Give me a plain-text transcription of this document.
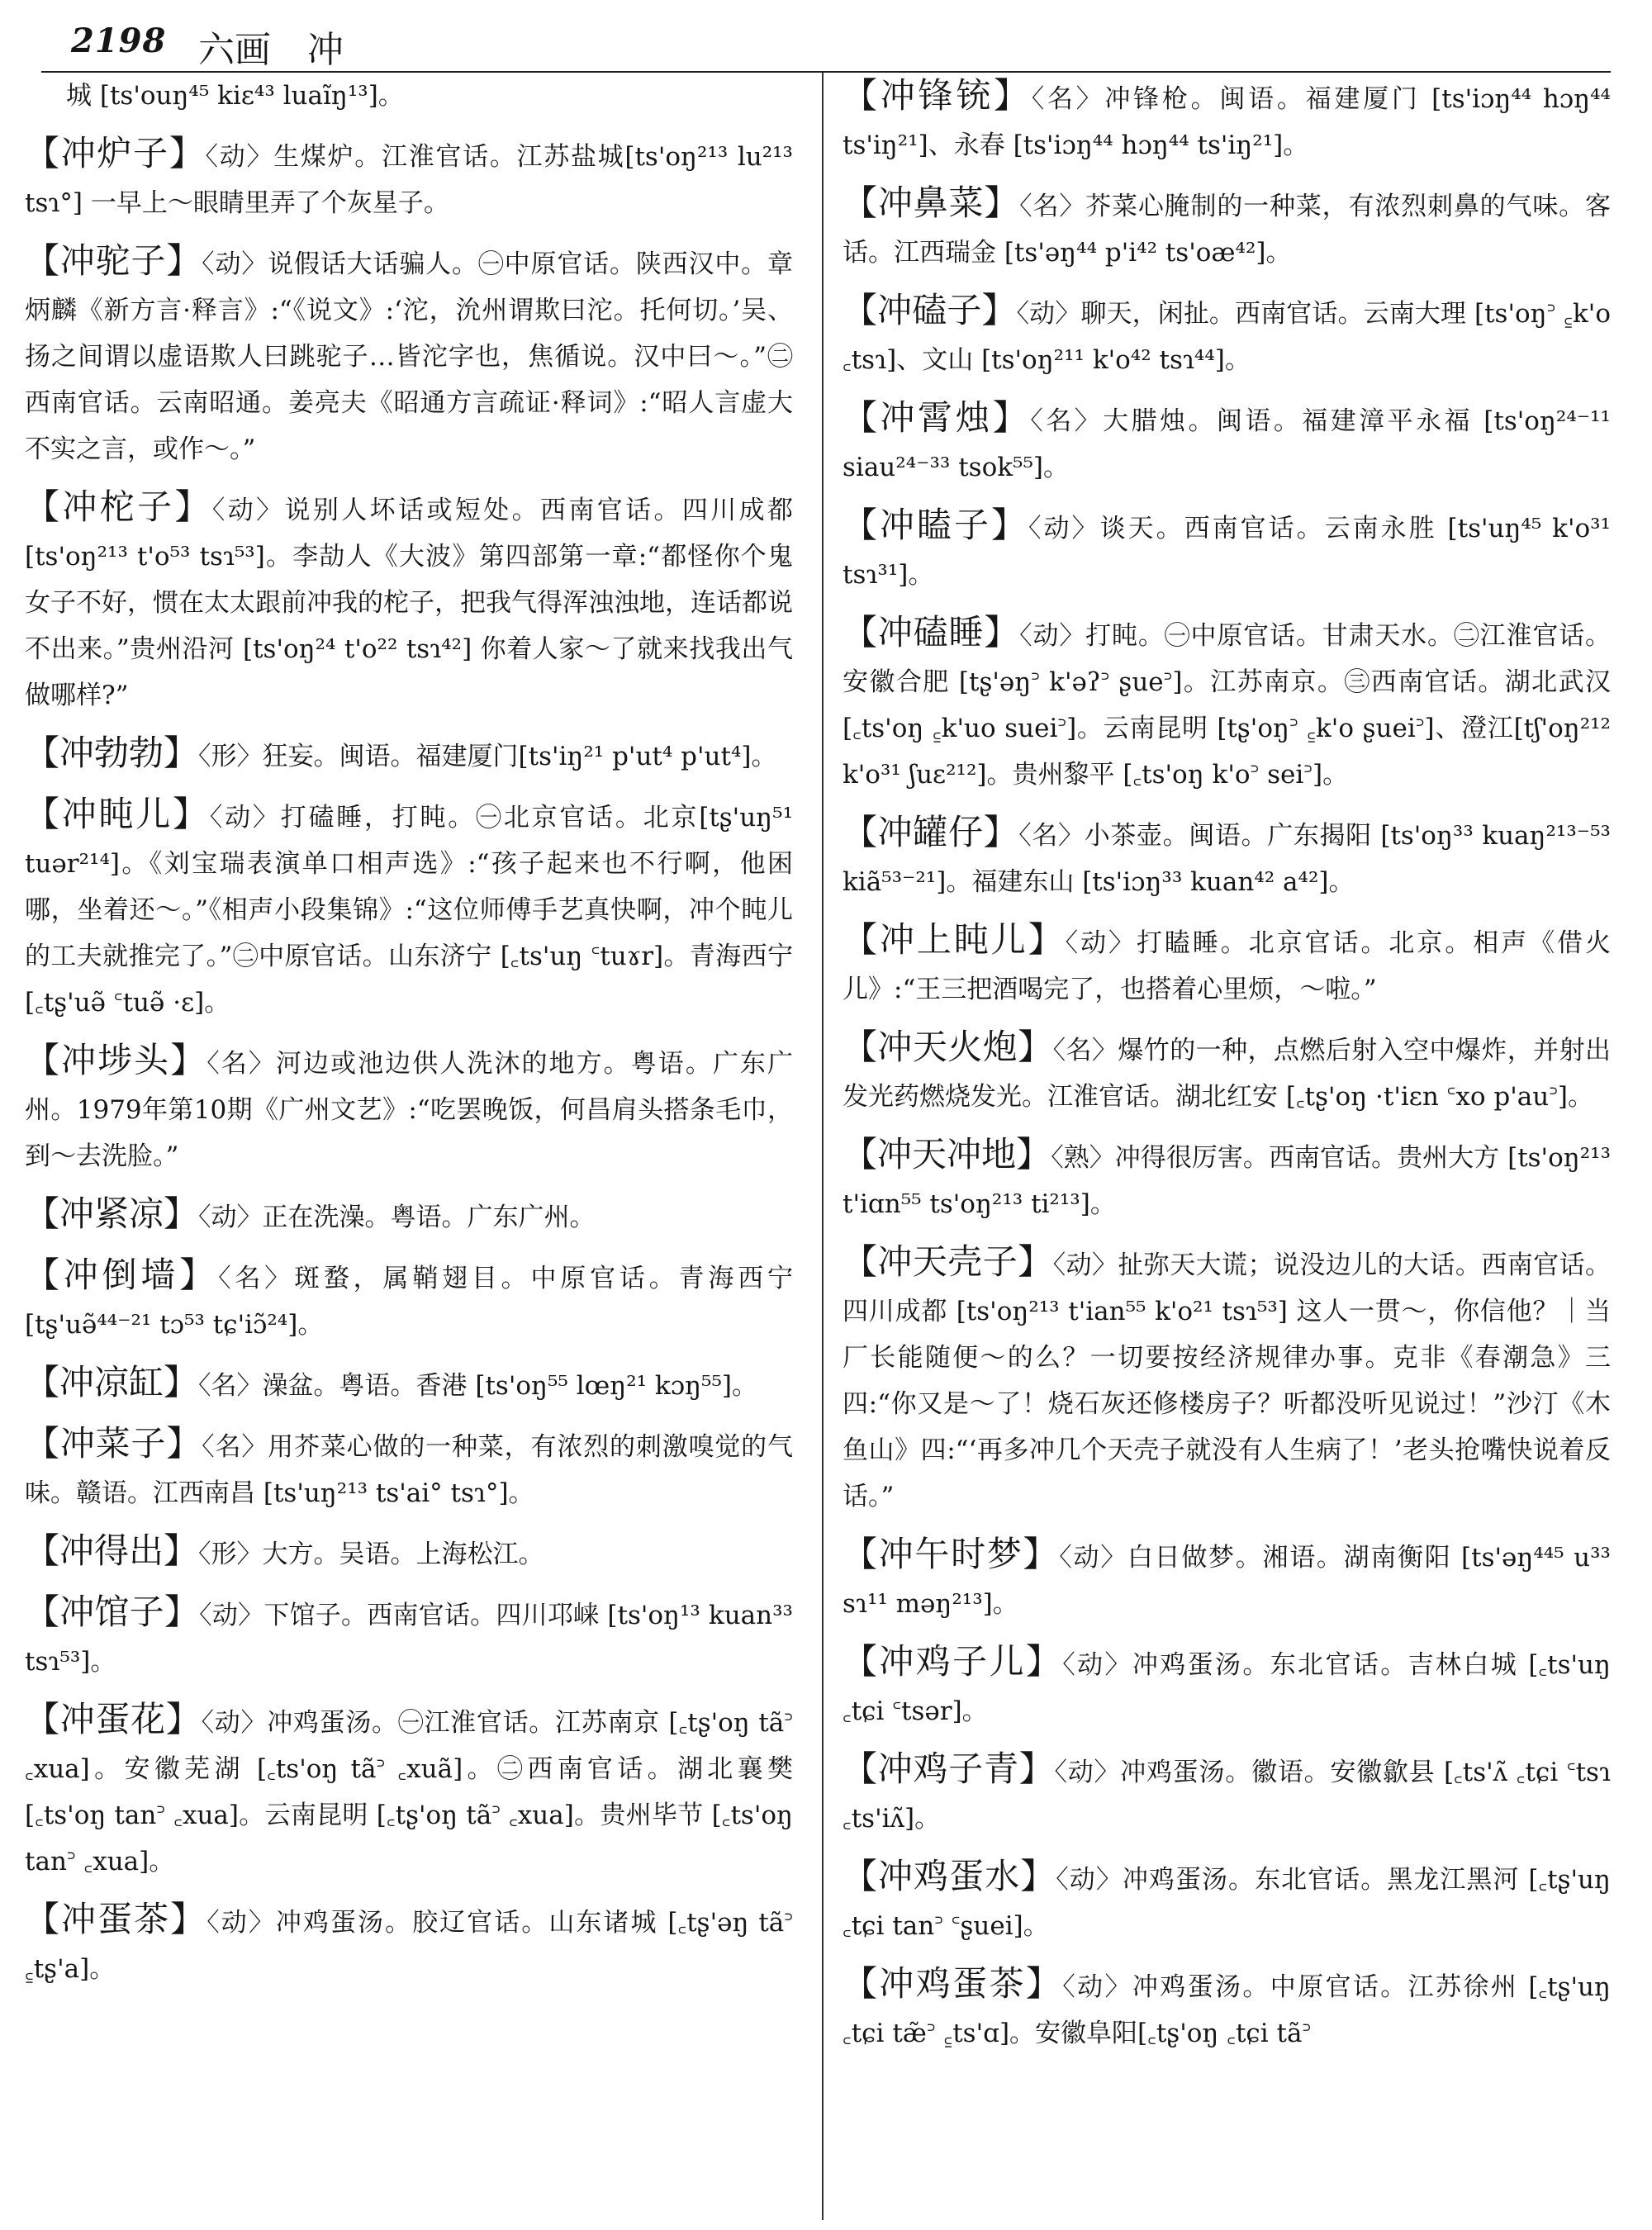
2198 六画　冲

城 [ts'ouŋ⁴⁵ kiɛ⁴³ luaĩŋ¹³]。

【冲炉子】〈动〉生煤炉。江淮官话。江苏盐城[ts'oŋ²¹³ lu²¹³ tsɿ°] 一早上～眼睛里弄了个灰星子。

【冲驼子】〈动〉说假话大话骗人。㊀中原官话。陕西汉中。章炳麟《新方言·释言》:“《说文》:‘沱，沇州谓欺曰沱。托何切。’吴、扬之间谓以虚语欺人曰跳驼子…皆沱字也，焦循说。汉中曰～。”㊁西南官话。云南昭通。姜亮夫《昭通方言疏证·释词》:“昭人言虚大不实之言，或作～。”

【冲柁子】〈动〉说别人坏话或短处。西南官话。四川成都 [ts'oŋ²¹³ t'o⁵³ tsɿ⁵³]。李劼人《大波》第四部第一章:“都怪你个鬼女子不好，惯在太太跟前冲我的柁子，把我气得浑浊浊地，连话都说不出来。”贵州沿河 [ts'oŋ²⁴ t'o²² tsɿ⁴²] 你着人家～了就来找我出气做哪样?”

【冲勃勃】〈形〉狂妄。闽语。福建厦门[ts'iŋ²¹ p'ut⁴ p'ut⁴]。

【冲盹儿】〈动〉打磕睡，打盹。㊀北京官话。北京[tʂ'uŋ⁵¹ tuər²¹⁴]。《刘宝瑞表演单口相声选》:“孩子起来也不行啊，他困哪，坐着还～。”《相声小段集锦》:“这位师傅手艺真快啊，冲个盹儿的工夫就推完了。”㊁中原官话。山东济宁 [꜀ts'uŋ ꜂tuɤr]。青海西宁[꜀tʂ'uə̃ ꜂tuə̃ ·ɛ]。

【冲埗头】〈名〉河边或池边供人洗沐的地方。粤语。广东广州。1979年第10期《广州文艺》:“吃罢晚饭，何昌肩头搭条毛巾，到～去洗脸。”

【冲紧凉】〈动〉正在洗澡。粤语。广东广州。

【冲倒墙】〈名〉斑蝥，属鞘翅目。中原官话。青海西宁 [tʂ'uə̃⁴⁴⁻²¹ tɔ⁵³ tɕ'iɔ̃²⁴]。

【冲凉缸】〈名〉澡盆。粤语。香港 [ts'oŋ⁵⁵ lœŋ²¹ kɔŋ⁵⁵]。

【冲菜子】〈名〉用芥菜心做的一种菜，有浓烈的刺激嗅觉的气味。赣语。江西南昌 [ts'uŋ²¹³ ts'ai° tsɿ°]。

【冲得出】〈形〉大方。吴语。上海松江。

【冲馆子】〈动〉下馆子。西南官话。四川邛崃 [ts'oŋ¹³ kuan³³ tsɿ⁵³]。

【冲蛋花】〈动〉冲鸡蛋汤。㊀江淮官话。江苏南京 [꜀tʂ'oŋ tã꜄ ꜀xua]。安徽芜湖 [꜀ts'oŋ tã꜄ ꜀xuã]。㊁西南官话。湖北襄樊 [꜀ts'oŋ tan꜄ ꜀xua]。云南昆明 [꜀tʂ'oŋ tã꜄ ꜀xua]。贵州毕节 [꜀ts'oŋ tan꜄ ꜀xua]。

【冲蛋茶】〈动〉冲鸡蛋汤。胶辽官话。山东诸城 [꜀tʂ'əŋ tã꜄ ꜁tʂ'a]。

【冲锋铳】〈名〉冲锋枪。闽语。福建厦门 [ts'iɔŋ⁴⁴ hɔŋ⁴⁴ ts'iŋ²¹]、永春 [ts'iɔŋ⁴⁴ hɔŋ⁴⁴ ts'iŋ²¹]。

【冲鼻菜】〈名〉芥菜心腌制的一种菜，有浓烈刺鼻的气味。客话。江西瑞金 [ts'əŋ⁴⁴ p'i⁴² ts'oæ⁴²]。

【冲磕子】〈动〉聊天，闲扯。西南官话。云南大理 [ts'oŋ꜄ ꜁k'o ꜀tsɿ]、文山 [ts'oŋ²¹¹ k'o⁴² tsɿ⁴⁴]。

【冲霄烛】〈名〉大腊烛。闽语。福建漳平永福 [ts'oŋ²⁴⁻¹¹ siau²⁴⁻³³ tsok⁵⁵]。

【冲瞌子】〈动〉谈天。西南官话。云南永胜 [ts'uŋ⁴⁵ k'o³¹ tsɿ³¹]。

【冲磕睡】〈动〉打盹。㊀中原官话。甘肃天水。㊁江淮官话。安徽合肥 [tʂ'əŋ꜄ k'əʔ꜄ ʂue꜄]。江苏南京。㊂西南官话。湖北武汉 [꜀ts'oŋ ꜁k'uo suei꜄]。云南昆明 [tʂ'oŋ꜄ ꜁k'o ʂuei꜄]、澄江[tʃ'oŋ²¹² k'o³¹ ʃuɛ²¹²]。贵州黎平 [꜀ts'oŋ k'o꜄ sei꜄]。

【冲罐仔】〈名〉小茶壶。闽语。广东揭阳 [ts'oŋ³³ kuaŋ²¹³⁻⁵³ kiã⁵³⁻²¹]。福建东山 [ts'iɔŋ³³ kuan⁴² a⁴²]。

【冲上盹儿】〈动〉打瞌睡。北京官话。北京。相声《借火儿》:“王三把酒喝完了，也搭着心里烦，～啦。”

【冲天火炮】〈名〉爆竹的一种，点燃后射入空中爆炸，并射出发光药燃烧发光。江淮官话。湖北红安 [꜀tʂ'oŋ ·t'iɛn ꜂xo p'au꜄]。

【冲天冲地】〈熟〉冲得很厉害。西南官话。贵州大方 [ts'oŋ²¹³ t'iɑn⁵⁵ ts'oŋ²¹³ ti²¹³]。

【冲天壳子】〈动〉扯弥天大谎；说没边儿的大话。西南官话。四川成都 [ts'oŋ²¹³ t'ian⁵⁵ k'o²¹ tsɿ⁵³] 这人一贯～，你信他？｜当厂长能随便～的么？一切要按经济规律办事。克非《春潮急》三四:“你又是～了！烧石灰还修楼房子？听都没听见说过！”沙汀《木鱼山》四:“‘再多冲几个天壳子就没有人生病了！’老头抢嘴快说着反话。”

【冲午时梦】〈动〉白日做梦。湘语。湖南衡阳 [ts'əŋ⁴⁴⁵ u³³ sɿ¹¹ məŋ²¹³]。

【冲鸡子儿】〈动〉冲鸡蛋汤。东北官话。吉林白城 [꜀ts'uŋ ꜀tɕi ꜂tsər]。

【冲鸡子青】〈动〉冲鸡蛋汤。徽语。安徽歙县 [꜀ts'ʌ̃ ꜀tɕi ꜂tsɿ ꜀ts'iʌ̃]。

【冲鸡蛋水】〈动〉冲鸡蛋汤。东北官话。黑龙江黑河 [꜀tʂ'uŋ ꜀tɕi tan꜄ ꜂ʂuei]。

【冲鸡蛋茶】〈动〉冲鸡蛋汤。中原官话。江苏徐州 [꜀tʂ'uŋ ꜀tɕi tæ̃꜄ ꜁ts'ɑ]。安徽阜阳[꜀tʂ'oŋ ꜀tɕi tã꜄
